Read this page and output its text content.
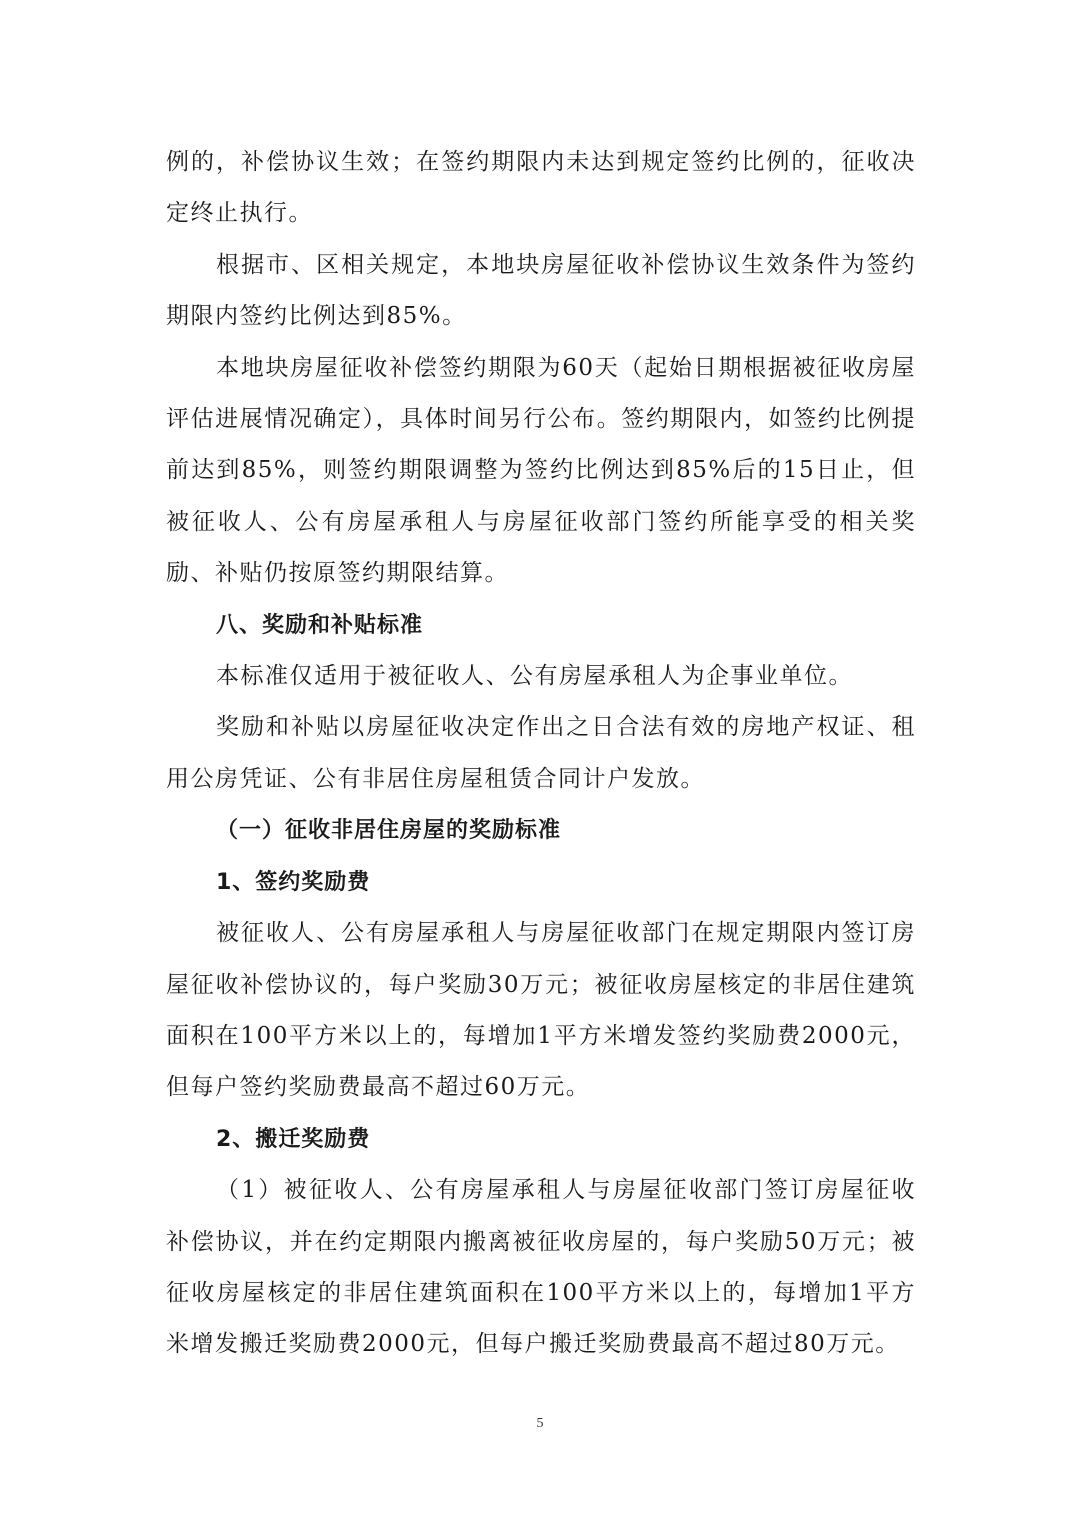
例的，补偿协议生效；在签约期限内未达到规定签约比例的，征收决定终止执行。

根据市、区相关规定，本地块房屋征收补偿协议生效条件为签约期限内签约比例达到85%。

本地块房屋征收补偿签约期限为60天（起始日期根据被征收房屋评估进展情况确定），具体时间另行公布。签约期限内，如签约比例提前达到85%，则签约期限调整为签约比例达到85%后的15日止，但被征收人、公有房屋承租人与房屋征收部门签约所能享受的相关奖励、补贴仍按原签约期限结算。

八、奖励和补贴标准

本标准仅适用于被征收人、公有房屋承租人为企事业单位。

奖励和补贴以房屋征收决定作出之日合法有效的房地产权证、租用公房凭证、公有非居住房屋租赁合同计户发放。

（一）征收非居住房屋的奖励标准

1、签约奖励费

被征收人、公有房屋承租人与房屋征收部门在规定期限内签订房屋征收补偿协议的，每户奖励30万元；被征收房屋核定的非居住建筑面积在100平方米以上的，每增加1平方米增发签约奖励费2000元，但每户签约奖励费最高不超过60万元。

2、搬迁奖励费

（1）被征收人、公有房屋承租人与房屋征收部门签订房屋征收补偿协议，并在约定期限内搬离被征收房屋的，每户奖励50万元；被征收房屋核定的非居住建筑面积在100平方米以上的，每增加1平方米增发搬迁奖励费2000元，但每户搬迁奖励费最高不超过80万元。

5
